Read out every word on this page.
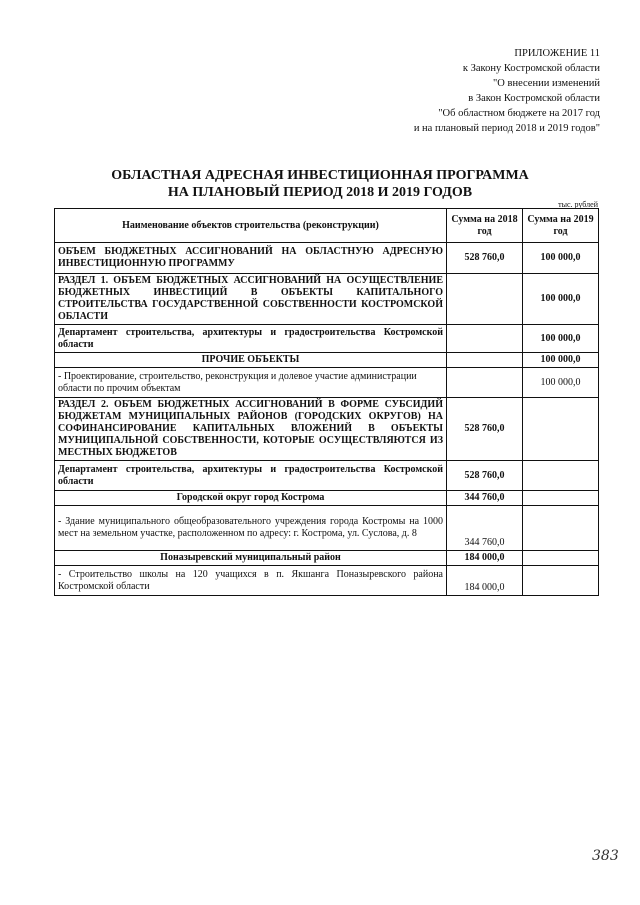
ПРИЛОЖЕНИЕ 11
к Закону Костромской области
"О внесении изменений
в Закон Костромской области
"Об областном бюджете на 2017 год
и на плановый период 2018 и 2019 годов"
ОБЛАСТНАЯ АДРЕСНАЯ ИНВЕСТИЦИОННАЯ ПРОГРАММА
НА ПЛАНОВЫЙ ПЕРИОД 2018 И 2019 ГОДОВ
тыс. рублей
Наименование объектов строительства (реконструкции)	Сумма на 2018 год	Сумма на 2019 год
ОБЪЕМ БЮДЖЕТНЫХ АССИГНОВАНИЙ НА ОБЛАСТНУЮ АДРЕСНУЮ ИНВЕСТИЦИОННУЮ ПРОГРАММУ	528 760,0	100 000,0
РАЗДЕЛ 1. ОБЪЕМ БЮДЖЕТНЫХ АССИГНОВАНИЙ НА ОСУЩЕСТВЛЕНИЕ БЮДЖЕТНЫХ ИНВЕСТИЦИЙ В ОБЪЕКТЫ КАПИТАЛЬНОГО СТРОИТЕЛЬСТВА ГОСУДАРСТВЕННОЙ СОБСТВЕННОСТИ КОСТРОМСКОЙ ОБЛАСТИ		100 000,0
Департамент строительства, архитектуры и градостроительства Костромской области		100 000,0
ПРОЧИЕ ОБЪЕКТЫ		100 000,0
- Проектирование, строительство, реконструкция и долевое участие администрации области по прочим объектам		100 000,0
РАЗДЕЛ 2. ОБЪЕМ БЮДЖЕТНЫХ АССИГНОВАНИЙ В ФОРМЕ СУБСИДИЙ БЮДЖЕТАМ МУНИЦИПАЛЬНЫХ РАЙОНОВ (ГОРОДСКИХ ОКРУГОВ) НА СОФИНАНСИРОВАНИЕ КАПИТАЛЬНЫХ ВЛОЖЕНИЙ В ОБЪЕКТЫ МУНИЦИПАЛЬНОЙ СОБСТВЕННОСТИ, КОТОРЫЕ ОСУЩЕСТВЛЯЮТСЯ ИЗ МЕСТНЫХ БЮДЖЕТОВ	528 760,0	
Департамент строительства, архитектуры и градостроительства Костромской области	528 760,0	
Городской округ город Кострома	344 760,0	
- Здание муниципального общеобразовательного учреждения города Костромы на 1000 мест на земельном участке, расположенном по адресу: г. Кострома, ул. Суслова, д. 8	344 760,0	
Поназыревский муниципальный район	184 000,0	
- Строительство школы на 120 учащихся в п. Якшанга Поназыревского района Костромской области	184 000,0	
383
